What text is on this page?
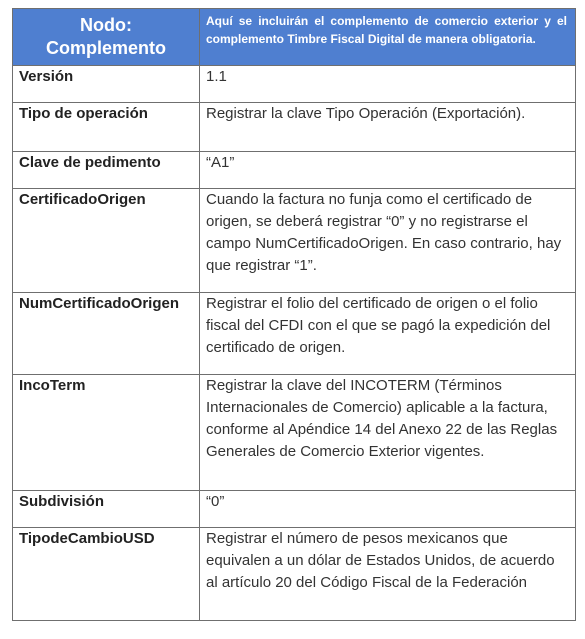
Nodo: Complemento	Aquí se incluirán el complemento de comercio exterior y el complemento Timbre Fiscal Digital de manera obligatoria.
Versión	1.1
Tipo de operación	Registrar la clave Tipo Operación (Exportación).
Clave de pedimento	“A1”
CertificadoOrigen	Cuando la factura no funja como el certificado de origen, se deberá registrar “0” y no registrarse el campo NumCertificadoOrigen. En caso contrario, hay que registrar “1”.
NumCertificadoOrigen	Registrar el folio del certificado de origen o el folio fiscal del CFDI con el que se pagó la expedición del certificado de origen.
IncoTerm	Registrar la clave del INCOTERM (Términos Internacionales de Comercio) aplicable a la factura, conforme al Apéndice 14 del Anexo 22 de las Reglas Generales de Comercio Exterior vigentes.
Subdivisión	“0”
TipodeCambioUSD	Registrar el número de pesos mexicanos que equivalen a un dólar de Estados Unidos, de acuerdo al artículo 20 del Código Fiscal de la Federación
